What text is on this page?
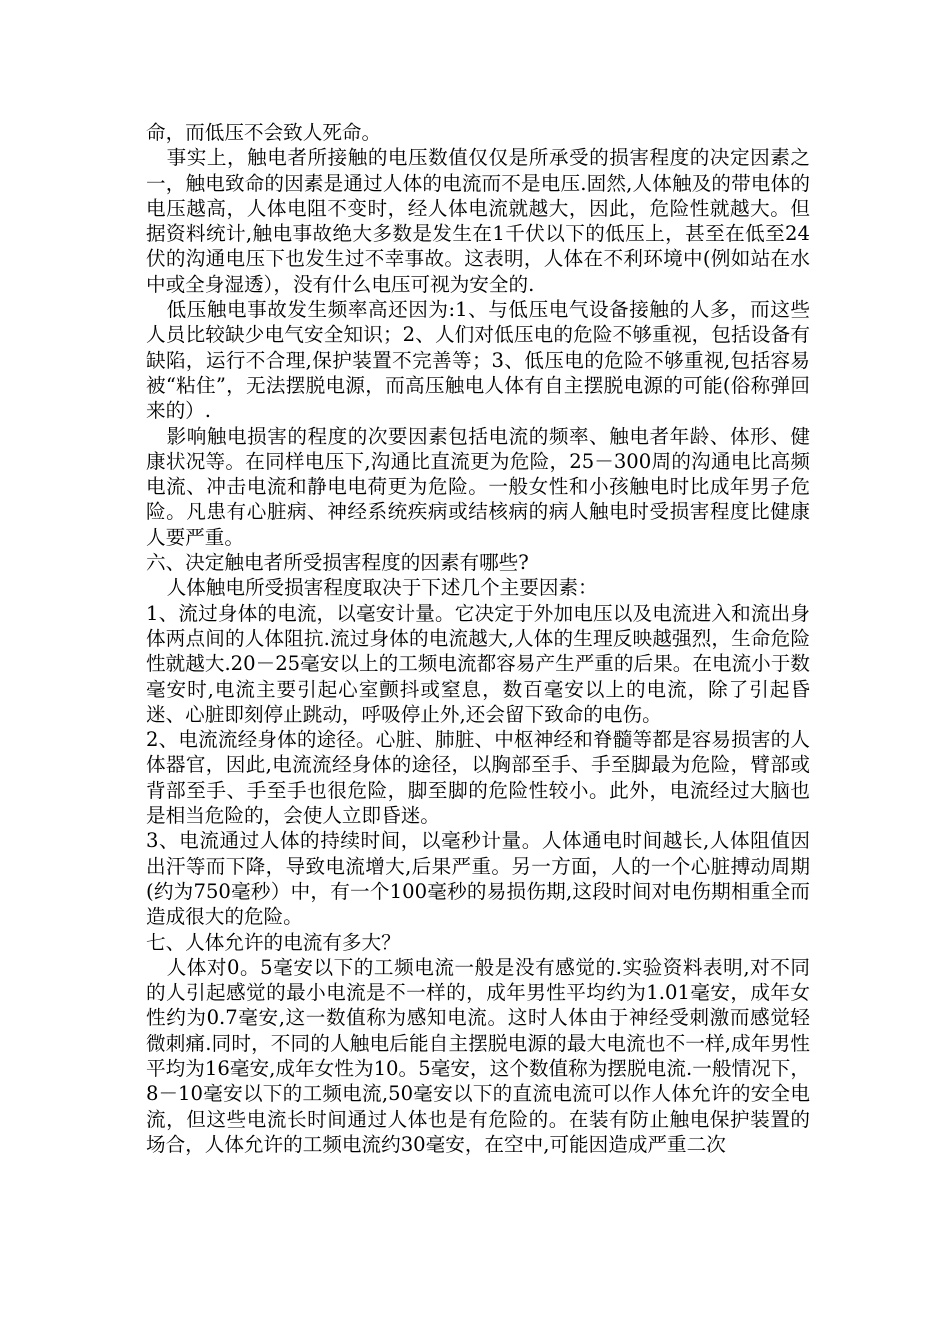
命，而低压不会致人死命。

事实上，触电者所接触的电压数值仅仅是所承受的损害程度的决定因素之一，触电致命的因素是通过人体的电流而不是电压.固然,人体触及的带电体的电压越高，人体电阻不变时，经人体电流就越大，因此，危险性就越大。但据资料统计,触电事故绝大多数是发生在1千伏以下的低压上，甚至在低至24伏的沟通电压下也发生过不幸事故。这表明，人体在不利环境中(例如站在水中或全身湿透），没有什么电压可视为安全的.

低压触电事故发生频率高还因为:1、与低压电气设备接触的人多，而这些人员比较缺少电气安全知识；2、人们对低压电的危险不够重视，包括设备有缺陷，运行不合理,保护装置不完善等；3、低压电的危险不够重视,包括容易被“粘住”，无法摆脱电源，而高压触电人体有自主摆脱电源的可能(俗称弹回来的）.

影响触电损害的程度的次要因素包括电流的频率、触电者年龄、体形、健康状况等。在同样电压下,沟通比直流更为危险，25－300周的沟通电比高频电流、冲击电流和静电电荷更为危险。一般女性和小孩触电时比成年男子危险。凡患有心脏病、神经系统疾病或结核病的病人触电时受损害程度比健康人要严重。

六、决定触电者所受损害程度的因素有哪些?

人体触电所受损害程度取决于下述几个主要因素：

1、流过身体的电流，以毫安计量。它决定于外加电压以及电流进入和流出身体两点间的人体阻抗.流过身体的电流越大,人体的生理反映越强烈，生命危险性就越大.20－25毫安以上的工频电流都容易产生严重的后果。在电流小于数毫安时,电流主要引起心室颤抖或窒息，数百毫安以上的电流，除了引起昏迷、心脏即刻停止跳动，呼吸停止外,还会留下致命的电伤。

2、电流流经身体的途径。心脏、肺脏、中枢神经和脊髓等都是容易损害的人体器官，因此,电流流经身体的途径，以胸部至手、手至脚最为危险，臂部或背部至手、手至手也很危险，脚至脚的危险性较小。此外，电流经过大脑也是相当危险的，会使人立即昏迷。

3、电流通过人体的持续时间，以毫秒计量。人体通电时间越长,人体阻值因出汗等而下降，导致电流增大,后果严重。另一方面，人的一个心脏搏动周期(约为750毫秒）中，有一个100毫秒的易损伤期,这段时间对电伤期相重全而造成很大的危险。

七、人体允许的电流有多大？

人体对0。5毫安以下的工频电流一般是没有感觉的.实验资料表明,对不同的人引起感觉的最小电流是不一样的，成年男性平均约为1.01毫安，成年女性约为0.7毫安,这一数值称为感知电流。这时人体由于神经受刺激而感觉轻微刺痛.同时，不同的人触电后能自主摆脱电源的最大电流也不一样,成年男性平均为16毫安,成年女性为10。5毫安，这个数值称为摆脱电流.一般情况下，8－10毫安以下的工频电流,50毫安以下的直流电流可以作人体允许的安全电流，但这些电流长时间通过人体也是有危险的。在装有防止触电保护装置的场合，人体允许的工频电流约30毫安，在空中,可能因造成严重二次
